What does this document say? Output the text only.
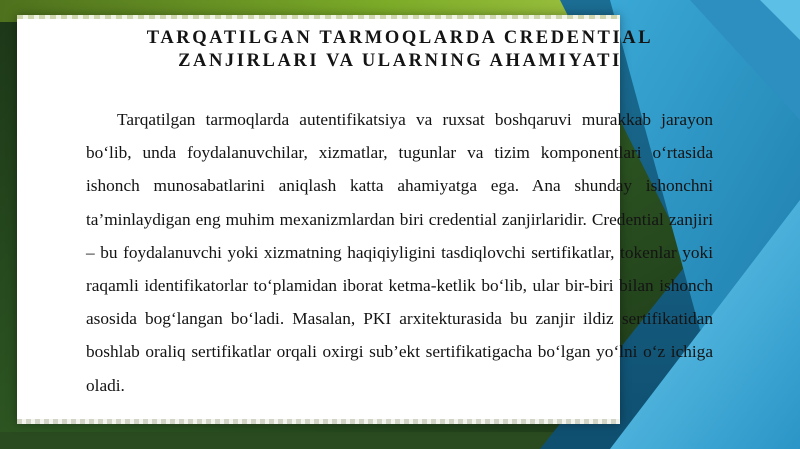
TARQATILGAN TARMOQLARDA CREDENTIAL
ZANJIRLARI VA ULARNING AHAMIYATI

Tarqatilgan tarmoqlarda autentifikatsiya va ruxsat boshqaruvi murakkab jarayon bo‘lib, unda foydalanuvchilar, xizmatlar, tugunlar va tizim komponentlari o‘rtasida ishonch munosabatlarini aniqlash katta ahamiyatga ega. Ana shunday ishonchni ta’minlaydigan eng muhim mexanizmlardan biri credential zanjirlaridir. Credential zanjiri – bu foydalanuvchi yoki xizmatning haqiqiyligini tasdiqlovchi sertifikatlar, tokenlar yoki raqamli identifikatorlar to‘plamidan iborat ketma-ketlik bo‘lib, ular bir-biri bilan ishonch asosida bog‘langan bo‘ladi. Masalan, PKI arxitekturasida bu zanjir ildiz sertifikatidan boshlab oraliq sertifikatlar orqali oxirgi sub’ekt sertifikatigacha bo‘lgan yo‘lni o‘z ichiga oladi.
